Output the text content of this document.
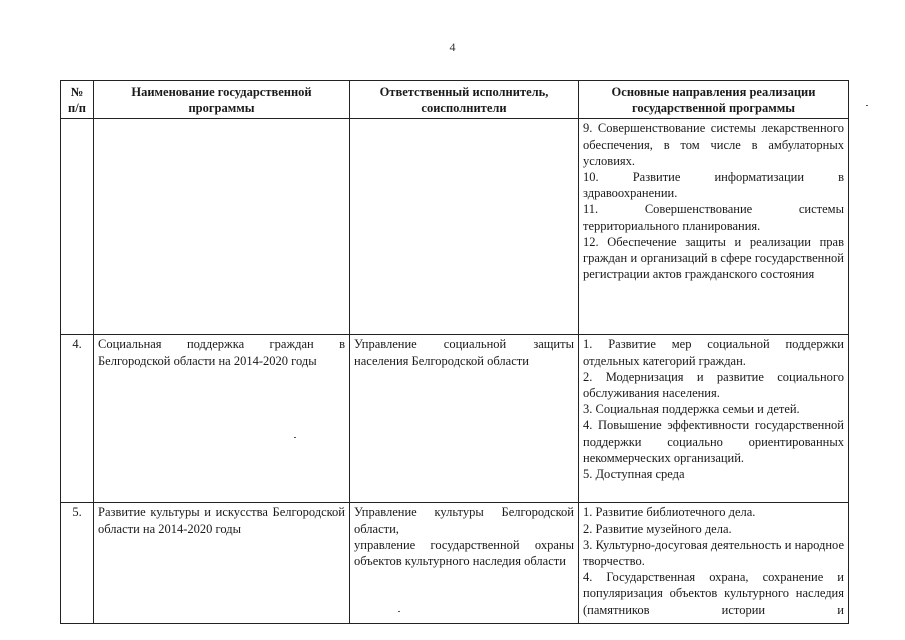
4
№ п/п	Наименование государственной программы	Ответственный исполнитель, соисполнители	Основные направления реализации государственной программы

			9. Совершенствование системы лекарственного обеспечения, в том числе в амбулаторных условиях.
10. Развитие информатизации в здравоохранении.
11. Совершенствование системы территориального планирования.
12. Обеспечение защиты и реализации прав граждан и организаций в сфере государственной регистрации актов гражданского состояния

4.	Социальная поддержка граждан в Белгородской области на 2014-2020 годы	Управление социальной защиты населения Белгородской области	1. Развитие мер социальной поддержки отдельных категорий граждан.
2. Модернизация и развитие социального обслуживания населения.
3. Социальная поддержка семьи и детей.
4. Повышение эффективности государственной поддержки социально ориентированных некоммерческих организаций.
5. Доступная среда

5.	Развитие культуры и искусства Белгородской области на 2014-2020 годы	Управление культуры Белгородской области,
управление государственной охраны объектов культурного наследия области	1. Развитие библиотечного дела.
2. Развитие музейного дела.
3. Культурно-досуговая деятельность и народное творчество.
4. Государственная охрана, сохранение и популяризация объектов культурного наследия (памятников истории и
